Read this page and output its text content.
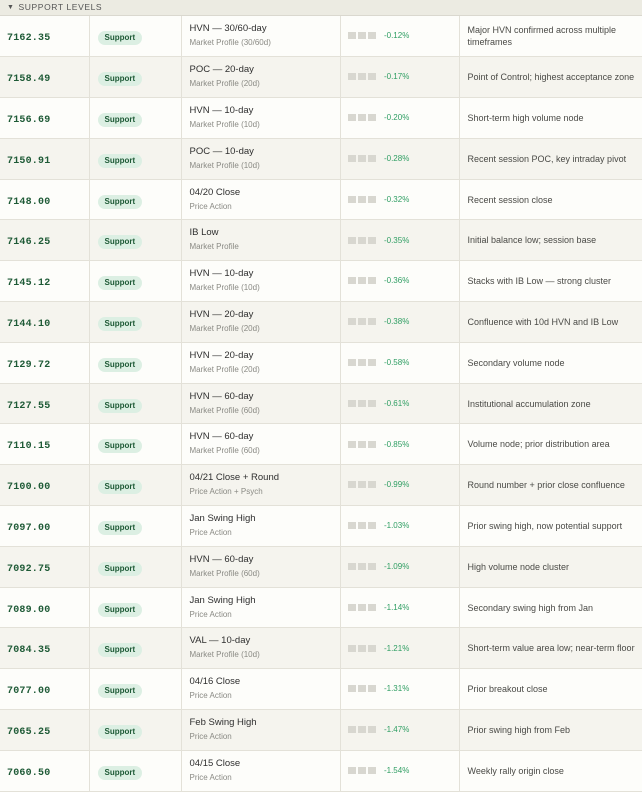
▼ SUPPORT LEVELS
7162.35	Support	HVN — 30/60-day
Market Profile (30/60d)	-0.12%	Major HVN confirmed across multiple timeframes
7158.49	Support	POC — 20-day
Market Profile (20d)	-0.17%	Point of Control; highest acceptance zone
7156.69	Support	HVN — 10-day
Market Profile (10d)	-0.20%	Short-term high volume node
7150.91	Support	POC — 10-day
Market Profile (10d)	-0.28%	Recent session POC, key intraday pivot
7148.00	Support	04/20 Close
Price Action	-0.32%	Recent session close
7146.25	Support	IB Low
Market Profile	-0.35%	Initial balance low; session base
7145.12	Support	HVN — 10-day
Market Profile (10d)	-0.36%	Stacks with IB Low — strong cluster
7144.10	Support	HVN — 20-day
Market Profile (20d)	-0.38%	Confluence with 10d HVN and IB Low
7129.72	Support	HVN — 20-day
Market Profile (20d)	-0.58%	Secondary volume node
7127.55	Support	HVN — 60-day
Market Profile (60d)	-0.61%	Institutional accumulation zone
7110.15	Support	HVN — 60-day
Market Profile (60d)	-0.85%	Volume node; prior distribution area
7100.00	Support	04/21 Close + Round
Price Action + Psych	-0.99%	Round number + prior close confluence
7097.00	Support	Jan Swing High
Price Action	-1.03%	Prior swing high, now potential support
7092.75	Support	HVN — 60-day
Market Profile (60d)	-1.09%	High volume node cluster
7089.00	Support	Jan Swing High
Price Action	-1.14%	Secondary swing high from Jan
7084.35	Support	VAL — 10-day
Market Profile (10d)	-1.21%	Short-term value area low; near-term floor
7077.00	Support	04/16 Close
Price Action	-1.31%	Prior breakout close
7065.25	Support	Feb Swing High
Price Action	-1.47%	Prior swing high from Feb
7060.50	Support	04/15 Close
Price Action	-1.54%	Weekly rally origin close
